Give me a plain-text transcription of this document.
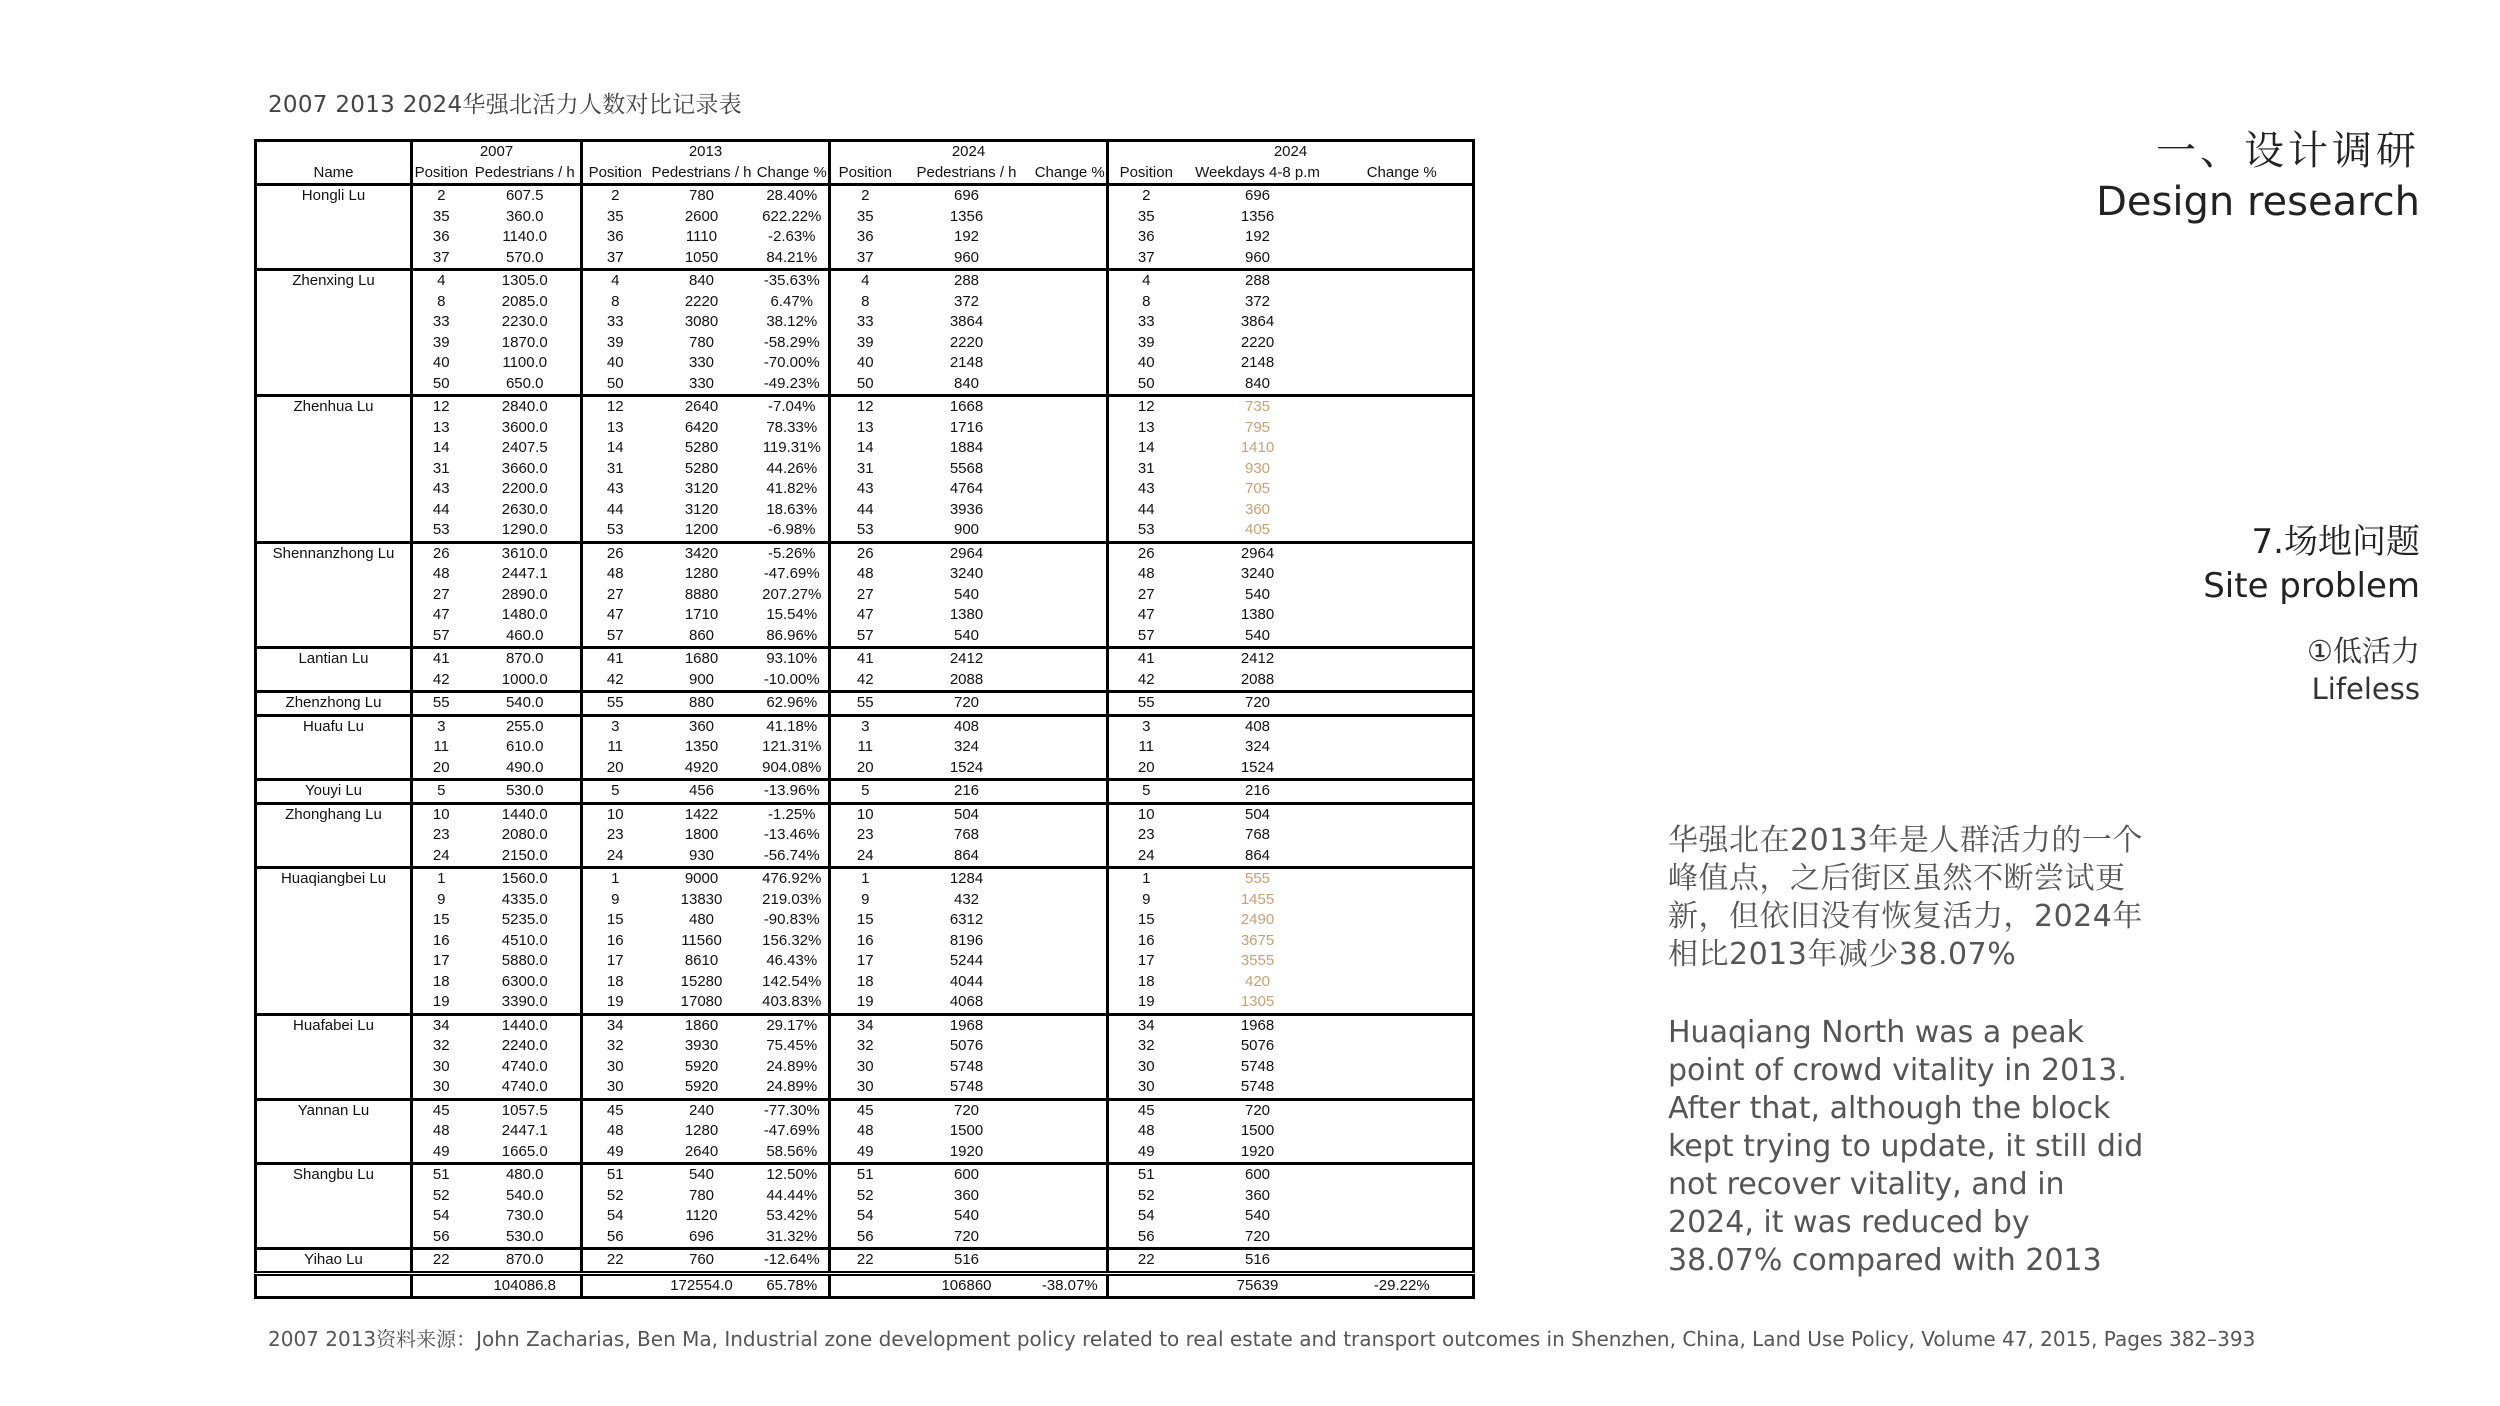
2007 2013 2024华强北活力人数对比记录表
	2007		2013			2024			2024		
Name	Position	Pedestrians / h	Position	Pedestrians / h	Change %	Position	Pedestrians / h	Change %	Position	Weekdays 4-8 p.m	Change %
Hongli Lu	2	607.5	2	780	28.40%	2	696		2	696	
	35	360.0	35	2600	622.22%	35	1356		35	1356	
	36	1140.0	36	1110	-2.63%	36	192		36	192	
	37	570.0	37	1050	84.21%	37	960		37	960	
Zhenxing Lu	4	1305.0	4	840	-35.63%	4	288		4	288	
	8	2085.0	8	2220	6.47%	8	372		8	372	
	33	2230.0	33	3080	38.12%	33	3864		33	3864	
	39	1870.0	39	780	-58.29%	39	2220		39	2220	
	40	1100.0	40	330	-70.00%	40	2148		40	2148	
	50	650.0	50	330	-49.23%	50	840		50	840	
Zhenhua Lu	12	2840.0	12	2640	-7.04%	12	1668		12	735	
	13	3600.0	13	6420	78.33%	13	1716		13	795	
	14	2407.5	14	5280	119.31%	14	1884		14	1410	
	31	3660.0	31	5280	44.26%	31	5568		31	930	
	43	2200.0	43	3120	41.82%	43	4764		43	705	
	44	2630.0	44	3120	18.63%	44	3936		44	360	
	53	1290.0	53	1200	-6.98%	53	900		53	405	
Shennanzhong Lu	26	3610.0	26	3420	-5.26%	26	2964		26	2964	
	48	2447.1	48	1280	-47.69%	48	3240		48	3240	
	27	2890.0	27	8880	207.27%	27	540		27	540	
	47	1480.0	47	1710	15.54%	47	1380		47	1380	
	57	460.0	57	860	86.96%	57	540		57	540	
Lantian Lu	41	870.0	41	1680	93.10%	41	2412		41	2412	
	42	1000.0	42	900	-10.00%	42	2088		42	2088	
Zhenzhong Lu	55	540.0	55	880	62.96%	55	720		55	720	
Huafu Lu	3	255.0	3	360	41.18%	3	408		3	408	
	11	610.0	11	1350	121.31%	11	324		11	324	
	20	490.0	20	4920	904.08%	20	1524		20	1524	
Youyi Lu	5	530.0	5	456	-13.96%	5	216		5	216	
Zhonghang Lu	10	1440.0	10	1422	-1.25%	10	504		10	504	
	23	2080.0	23	1800	-13.46%	23	768		23	768	
	24	2150.0	24	930	-56.74%	24	864		24	864	
Huaqiangbei Lu	1	1560.0	1	9000	476.92%	1	1284		1	555	
	9	4335.0	9	13830	219.03%	9	432		9	1455	
	15	5235.0	15	480	-90.83%	15	6312		15	2490	
	16	4510.0	16	11560	156.32%	16	8196		16	3675	
	17	5880.0	17	8610	46.43%	17	5244		17	3555	
	18	6300.0	18	15280	142.54%	18	4044		18	420	
	19	3390.0	19	17080	403.83%	19	4068		19	1305	
Huafabei Lu	34	1440.0	34	1860	29.17%	34	1968		34	1968	
	32	2240.0	32	3930	75.45%	32	5076		32	5076	
	30	4740.0	30	5920	24.89%	30	5748		30	5748	
	30	4740.0	30	5920	24.89%	30	5748		30	5748	
Yannan Lu	45	1057.5	45	240	-77.30%	45	720		45	720	
	48	2447.1	48	1280	-47.69%	48	1500		48	1500	
	49	1665.0	49	2640	58.56%	49	1920		49	1920	
Shangbu Lu	51	480.0	51	540	12.50%	51	600		51	600	
	52	540.0	52	780	44.44%	52	360		52	360	
	54	730.0	54	1120	53.42%	54	540		54	540	
	56	530.0	56	696	31.32%	56	720		56	720	
Yihao Lu	22	870.0	22	760	-12.64%	22	516		22	516	
		104086.8		172554.0	65.78%		106860	-38.07%		75639	-29.22%
一、设计调研
Design research
7.场地问题
Site problem
①低活力
Lifeless
华强北在2013年是人群活力的一个峰值点，之后街区虽然不断尝试更新，但依旧没有恢复活力，2024年相比2013年减少38.07%
Huaqiang North was a peak point of crowd vitality in 2013. After that, although the block kept trying to update, it still did not recover vitality, and in 2024, it was reduced by 38.07% compared with 2013
2007 2013资料来源：John Zacharias, Ben Ma, Industrial zone development policy related to real estate and transport outcomes in Shenzhen, China, Land Use Policy, Volume 47, 2015, Pages 382–393
